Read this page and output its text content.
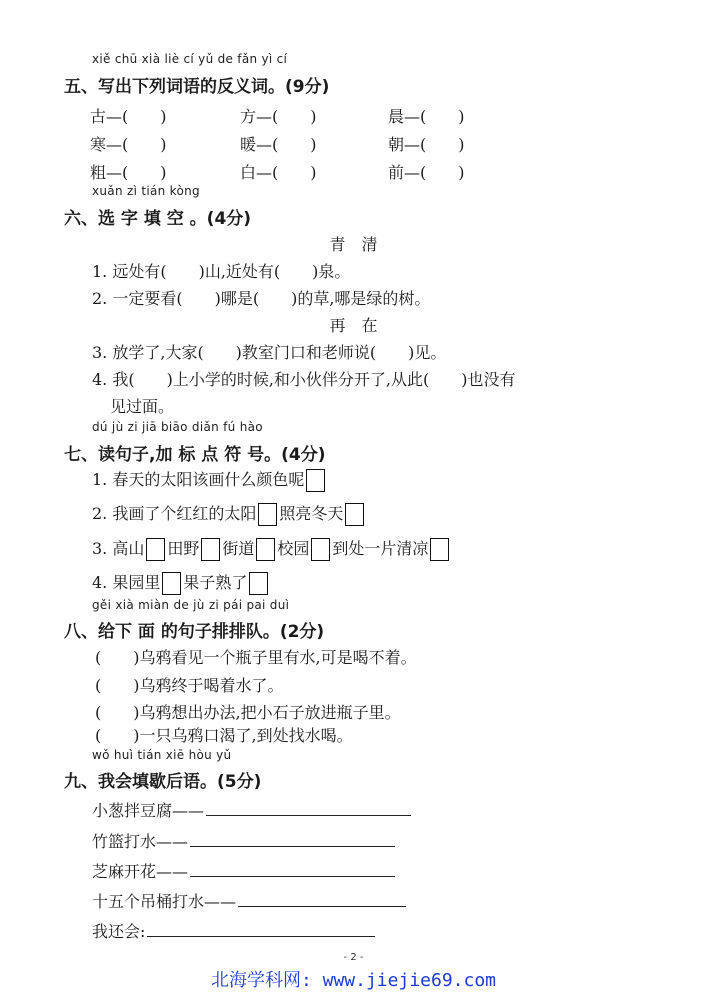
xiě chū xià liè cí yǔ de fǎn yì cí
五、写出下列词语的反义词。(9分)
古—(　　)	方—(　　)	晨—(　　)
寒—(　　)	暖—(　　)	朝—(　　)
粗—(　　)	白—(　　)	前—(　　)
xuǎn zì tián kòng
六、选 字 填 空 。(4分)
青　清
1. 远处有(　　)山,近处有(　　)泉。
2. 一定要看(　　)哪是(　　)的草,哪是绿的树。
再　在
3. 放学了,大家(　　)教室门口和老师说(　　)见。
4. 我(　　)上小学的时候,和小伙伴分开了,从此(　　)也没有
见过面。
dú jù zi jiā biāo diǎn fú hào
七、读句子,加 标 点 符 号。(4分)
1. 春天的太阳该画什么颜色呢
2. 我画了个红红的太阳 照亮冬天
3. 高山 田野 街道 校园 到处一片清凉
4. 果园里 果子熟了
gěi xià miàn de jù zi pái pai duì
八、给下 面 的句子排排队。(2分)
(　　)乌鸦看见一个瓶子里有水,可是喝不着。
(　　)乌鸦终于喝着水了。
(　　)乌鸦想出办法,把小石子放进瓶子里。
(　　)一只乌鸦口渴了,到处找水喝。
wǒ huì tián xiē hòu yǔ
九、我会填歇后语。(5分)
小葱拌豆腐——
竹篮打水——
芝麻开花——
十五个吊桶打水——
我还会:
- 2 -
北海学科网: www.jiejie69.com
